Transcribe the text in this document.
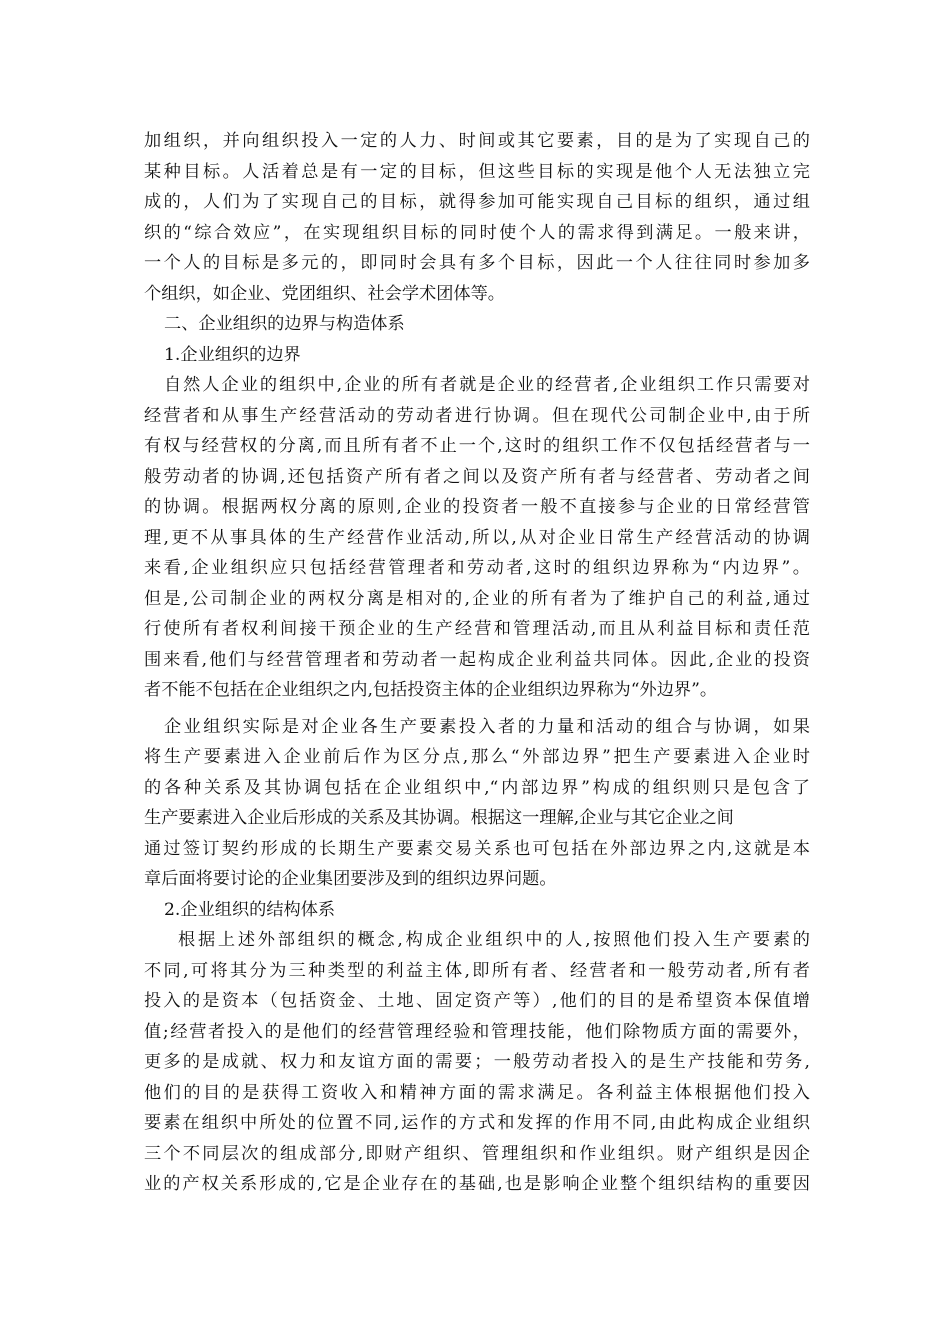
加组织，并向组织投入一定的人力、时间或其它要素，目的是为了实现自己的
某种目标。人活着总是有一定的目标，但这些目标的实现是他个人无法独立完
成的，人们为了实现自己的目标，就得参加可能实现自己目标的组织，通过组
织的“综合效应”，在实现组织目标的同时使个人的需求得到满足。一般来讲，
一个人的目标是多元的，即同时会具有多个目标，因此一个人往往同时参加多
个组织，如企业、党团组织、社会学术团体等。
二、企业组织的边界与构造体系
1.企业组织的边界
自然人企业的组织中,企业的所有者就是企业的经营者,企业组织工作只需要对
经营者和从事生产经营活动的劳动者进行协调。但在现代公司制企业中,由于所
有权与经营权的分离,而且所有者不止一个,这时的组织工作不仅包括经营者与一
般劳动者的协调,还包括资产所有者之间以及资产所有者与经营者、劳动者之间
的协调。根据两权分离的原则,企业的投资者一般不直接参与企业的日常经营管
理,更不从事具体的生产经营作业活动,所以,从对企业日常生产经营活动的协调
来看,企业组织应只包括经营管理者和劳动者,这时的组织边界称为“内边界”。
但是,公司制企业的两权分离是相对的,企业的所有者为了维护自己的利益,通过
行使所有者权利间接干预企业的生产经营和管理活动,而且从利益目标和责任范
围来看,他们与经营管理者和劳动者一起构成企业利益共同体。因此,企业的投资
者不能不包括在企业组织之内,包括投资主体的企业组织边界称为“外边界”。
企业组织实际是对企业各生产要素投入者的力量和活动的组合与协调，如果
将生产要素进入企业前后作为区分点,那么“外部边界”把生产要素进入企业时
的各种关系及其协调包括在企业组织中,“内部边界”构成的组织则只是包含了
生产要素进入企业后形成的关系及其协调。根据这一理解,企业与其它企业之间
通过签订契约形成的长期生产要素交易关系也可包括在外部边界之内,这就是本
章后面将要讨论的企业集团要涉及到的组织边界问题。
2.企业组织的结构体系
根据上述外部组织的概念,构成企业组织中的人,按照他们投入生产要素的
不同,可将其分为三种类型的利益主体,即所有者、经营者和一般劳动者,所有者
投入的是资本（包括资金、土地、固定资产等）,他们的目的是希望资本保值增
值;经营者投入的是他们的经营管理经验和管理技能，他们除物质方面的需要外，
更多的是成就、权力和友谊方面的需要；一般劳动者投入的是生产技能和劳务,
他们的目的是获得工资收入和精神方面的需求满足。各利益主体根据他们投入
要素在组织中所处的位置不同,运作的方式和发挥的作用不同,由此构成企业组织
三个不同层次的组成部分,即财产组织、管理组织和作业组织。财产组织是因企
业的产权关系形成的,它是企业存在的基础,也是影响企业整个组织结构的重要因
